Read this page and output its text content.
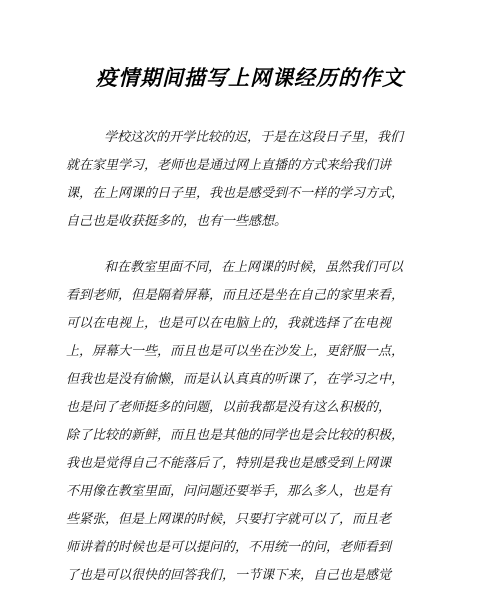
疫情期间描写上网课经历的作文
学校这次的开学比较的迟，于是在这段日子里，我们
就在家里学习，老师也是通过网上直播的方式来给我们讲
课，在上网课的日子里，我也是感受到不一样的学习方式，
自己也是收获挺多的，也有一些感想。
和在教室里面不同，在上网课的时候，虽然我们可以
看到老师，但是隔着屏幕，而且还是坐在自己的家里来看，
可以在电视上，也是可以在电脑上的，我就选择了在电视
上，屏幕大一些，而且也是可以坐在沙发上，更舒服一点，
但我也是没有偷懒，而是认认真真的听课了，在学习之中，
也是问了老师挺多的问题，以前我都是没有这么积极的，
除了比较的新鲜，而且也是其他的同学也是会比较的积极，
我也是觉得自己不能落后了，特别是我也是感受到上网课
不用像在教室里面，问问题还要举手，那么多人，也是有
些紧张，但是上网课的时候，只要打字就可以了，而且老
师讲着的时候也是可以提问的，不用统一的问，老师看到
了也是可以很快的回答我们，一节课下来，自己也是感觉
